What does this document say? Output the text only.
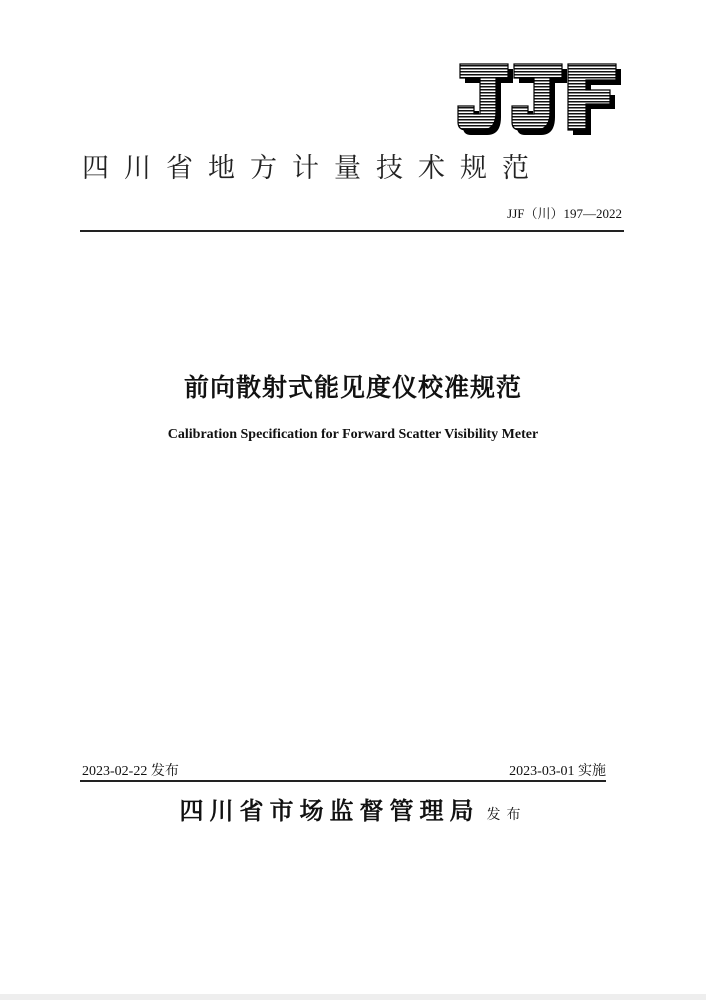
四川省地方计量技术规范
JJF（川）197—2022
前向散射式能见度仪校准规范
Calibration Specification for Forward Scatter Visibility Meter
2023-02-22 发布	2023-03-01 实施
四川省市场监督管理局 发布
